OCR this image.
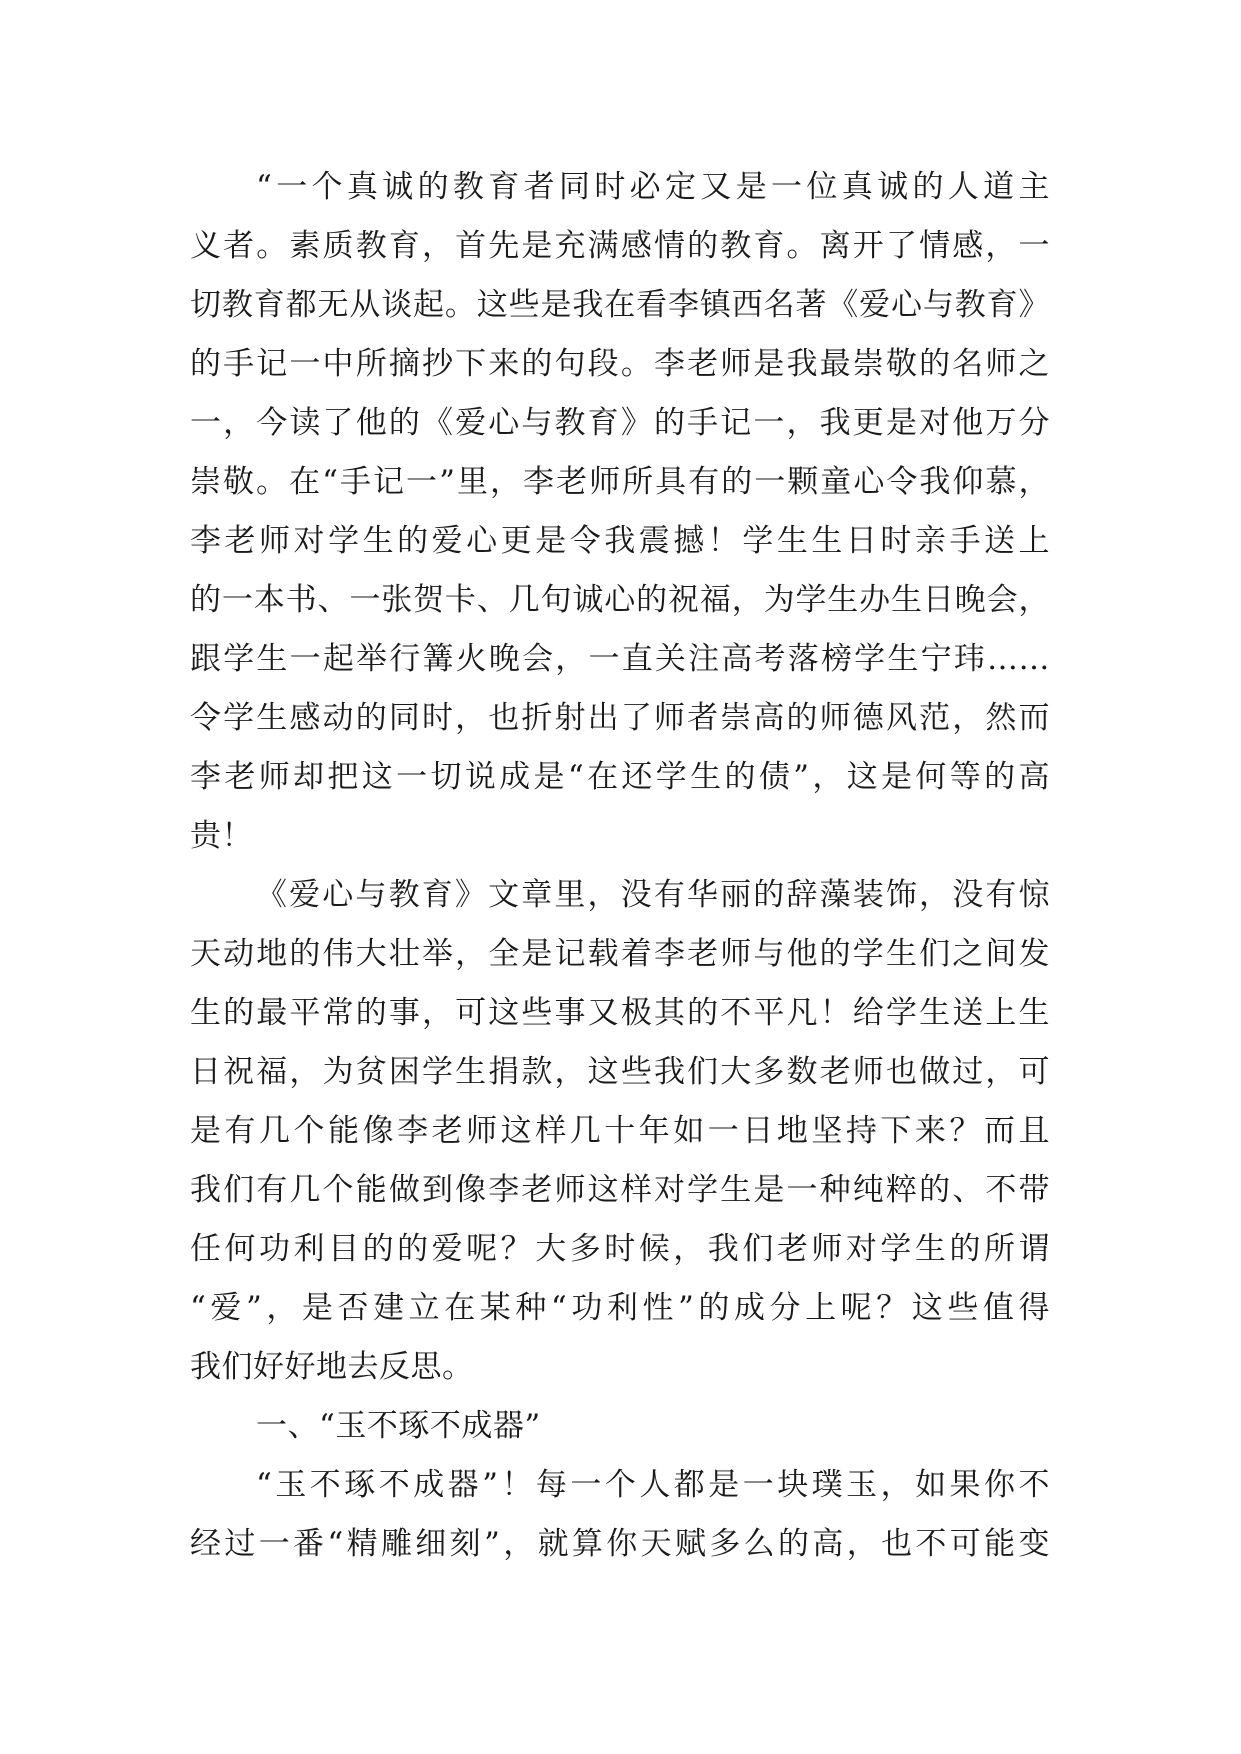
“一个真诚的教育者同时必定又是一位真诚的人道主
义者。素质教育，首先是充满感情的教育。离开了情感，一
切教育都无从谈起。这些是我在看李镇西名著《爱心与教育》
的手记一中所摘抄下来的句段。李老师是我最崇敬的名师之
一，今读了他的《爱心与教育》的手记一，我更是对他万分
崇敬。在“手记一”里，李老师所具有的一颗童心令我仰慕，
李老师对学生的爱心更是令我震撼！学生生日时亲手送上
的一本书、一张贺卡、几句诚心的祝福，为学生办生日晚会，
跟学生一起举行篝火晚会，一直关注高考落榜学生宁玮……
令学生感动的同时，也折射出了师者崇高的师德风范，然而
李老师却把这一切说成是“在还学生的债”，这是何等的高
贵！
《爱心与教育》文章里，没有华丽的辞藻装饰，没有惊
天动地的伟大壮举，全是记载着李老师与他的学生们之间发
生的最平常的事，可这些事又极其的不平凡！给学生送上生
日祝福，为贫困学生捐款，这些我们大多数老师也做过，可
是有几个能像李老师这样几十年如一日地坚持下来？而且
我们有几个能做到像李老师这样对学生是一种纯粹的、不带
任何功利目的的爱呢？大多时候，我们老师对学生的所谓
“爱”，是否建立在某种“功利性”的成分上呢？这些值得
我们好好地去反思。
一、“玉不琢不成器”
“玉不琢不成器”！每一个人都是一块璞玉，如果你不
经过一番“精雕细刻”，就算你天赋多么的高，也不可能变
